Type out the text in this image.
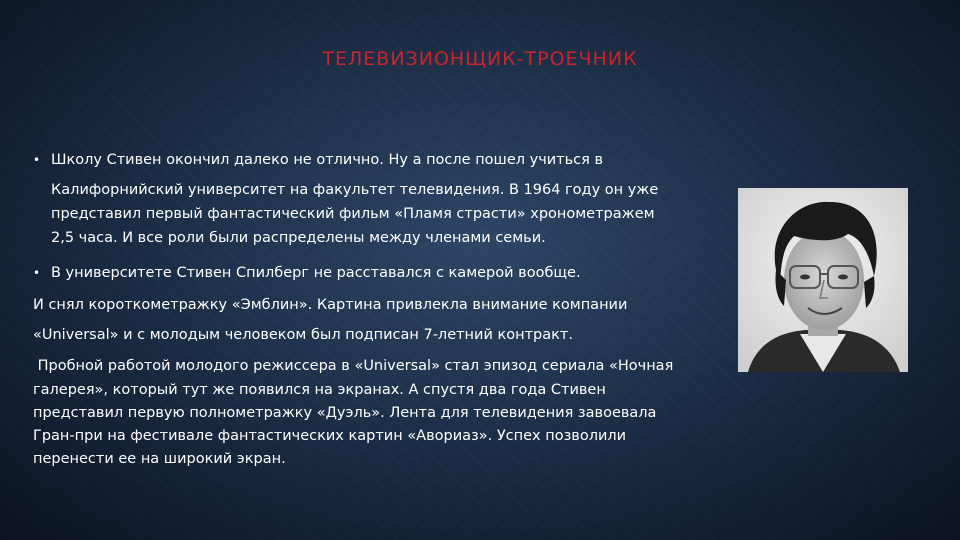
ТЕЛЕВИЗИОНЩИК-ТРОЕЧНИК
• Школу Стивен окончил далеко не отлично. Ну а после пошел учиться в
Калифорнийский университет на факультет телевидения. В 1964 году он уже
представил первый фантастический фильм «Пламя страсти» хронометражем
2,5 часа. И все роли были распределены между членами семьи.
• В университете Стивен Спилберг не расставался с камерой вообще.
И снял короткометражку «Эмблин». Картина привлекла внимание компании
«Universal» и с молодым человеком был подписан 7-летний контракт.
Пробной работой молодого режиссера в «Universal» стал эпизод сериала «Ночная
галерея», который тут же появился на экранах. А спустя два года Стивен
представил первую полнометражку «Дуэль». Лента для телевидения завоевала
Гран-при на фестивале фантастических картин «Авориаз». Успех позволили
перенести ее на широкий экран.
